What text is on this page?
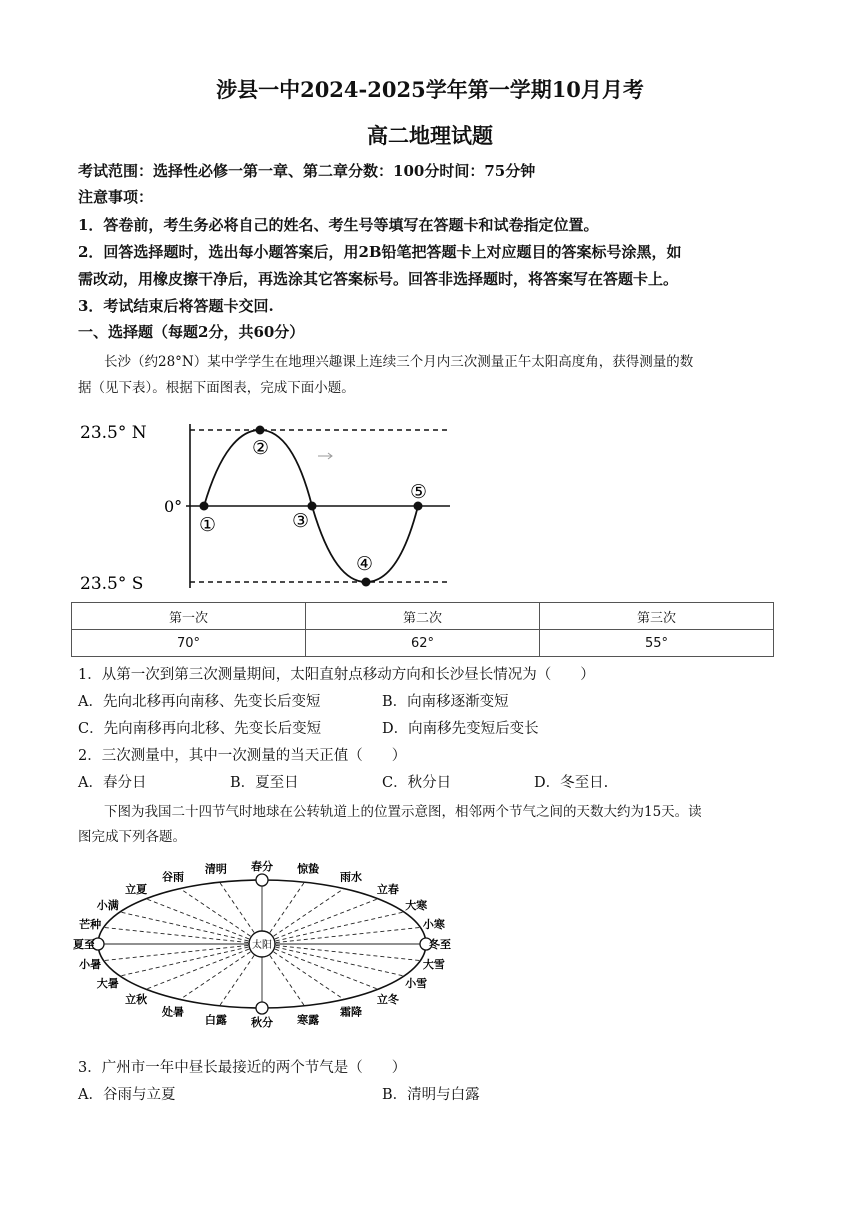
涉县一中2024-2025学年第一学期10月月考
高二地理试题
考试范围：选择性必修一第一章、第二章分数：100分时间：75分钟
注意事项：
1．答卷前，考生务必将自己的姓名、考生号等填写在答题卡和试卷指定位置。
2．回答选择题时，选出每小题答案后，用2B铅笔把答题卡上对应题目的答案标号涂黑，如
需改动，用橡皮擦干净后，再选涂其它答案标号。回答非选择题时，将答案写在答题卡上。
3．考试结束后将答题卡交回.
一、选择题（每题2分，共60分）
长沙（约28°N）某中学学生在地理兴趣课上连续三个月内三次测量正午太阳高度角，获得测量的数
据（见下表）。根据下面图表，完成下面小题。
23.5° N
0°
23.5° S
①
②
③
④
⑤
第一次	第二次	第三次
70°	62°	55°
1．从第一次到第三次测量期间，太阳直射点移动方向和长沙昼长情况为（　　）
A．先向北移再向南移、先变长后变短	B．向南移逐渐变短
C．先向南移再向北移、先变长后变短	D．向南移先变短后变长
2．三次测量中，其中一次测量的当天正值（　　）
A．春分日	B．夏至日	C．秋分日	D．冬至日.
下图为我国二十四节气时地球在公转轨道上的位置示意图，相邻两个节气之间的天数大约为15天。读
图完成下列各题。
太阳
春分
清明
谷雨
立夏
小满
芒种
夏至
小暑
大暑
立秋
处暑
白露 秋分 寒露
霜降
立冬
小雪
大雪
冬至
小寒
大寒
立春
雨水
惊蛰
3．广州市一年中昼长最接近的两个节气是（　　）
A．谷雨与立夏	B．清明与白露
